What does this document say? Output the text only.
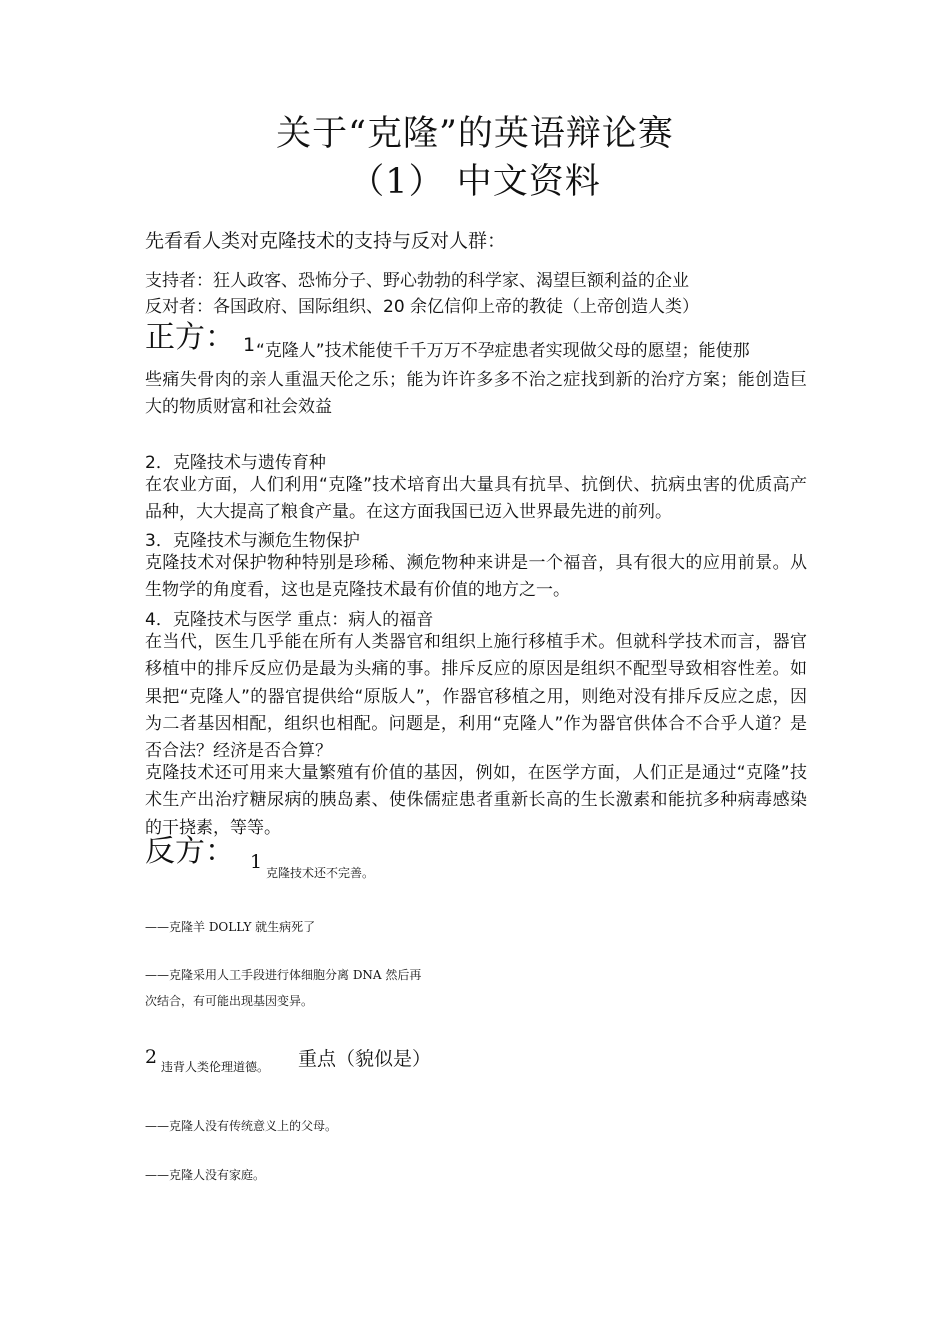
关于“克隆”的英语辩论赛
（1） 中文资料
先看看人类对克隆技术的支持与反对人群：
支持者：狂人政客、恐怖分子、野心勃勃的科学家、渴望巨额利益的企业
反对者：各国政府、国际组织、20 余亿信仰上帝的教徒（上帝创造人类）
正方： 1 “克隆人”技术能使千千万万不孕症患者实现做父母的愿望；能使那
些痛失骨肉的亲人重温天伦之乐；能为许许多多不治之症找到新的治疗方案；能创造巨大的物质财富和社会效益
2．克隆技术与遗传育种
在农业方面，人们利用“克隆”技术培育出大量具有抗旱、抗倒伏、抗病虫害的优质高产品种，大大提高了粮食产量。在这方面我国已迈入世界最先进的前列。
3．克隆技术与濒危生物保护
克隆技术对保护物种特别是珍稀、濒危物种来讲是一个福音，具有很大的应用前景。从生物学的角度看，这也是克隆技术最有价值的地方之一。
4．克隆技术与医学 重点：病人的福音
在当代，医生几乎能在所有人类器官和组织上施行移植手术。但就科学技术而言，器官移植中的排斥反应仍是最为头痛的事。排斥反应的原因是组织不配型导致相容性差。如果把“克隆人”的器官提供给“原版人”，作器官移植之用，则绝对没有排斥反应之虑，因为二者基因相配，组织也相配。问题是，利用“克隆人”作为器官供体合不合乎人道？是否合法？经济是否合算？
克隆技术还可用来大量繁殖有价值的基因，例如，在医学方面，人们正是通过“克隆”技术生产出治疗糖尿病的胰岛素、使侏儒症患者重新长高的生长激素和能抗多种病毒感染的干挠素，等等。
反方： 1 克隆技术还不完善。
——克隆羊 DOLLY 就生病死了
——克隆采用人工手段进行体细胞分离 DNA 然后再
次结合，有可能出现基因变异。
2 违背人类伦理道德。 重点（貌似是）
——克隆人没有传统意义上的父母。
——克隆人没有家庭。
